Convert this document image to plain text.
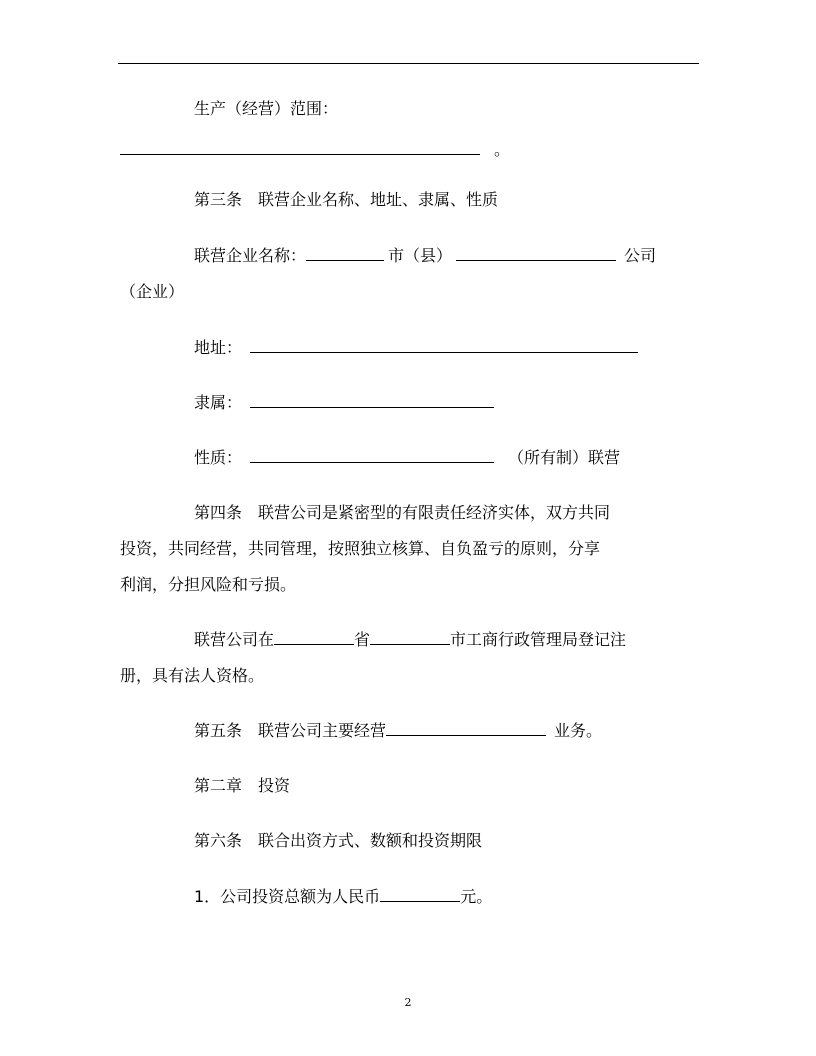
生产（经营）范围：
。
第三条　联营企业名称、地址、隶属、性质
联营企业名称：	市（县）	公司
（企业）
地址：
隶属：
性质：	（所有制）联营
第四条　联营公司是紧密型的有限责任经济实体，双方共同
投资，共同经营，共同管理，按照独立核算、自负盈亏的原则，分享
利润，分担风险和亏损。
联营公司在	省	市工商行政管理局登记注
册，具有法人资格。
第五条　联营公司主要经营	业务。
第二章　投资
第六条　联合出资方式、数额和投资期限
1．公司投资总额为人民币	元。
2
